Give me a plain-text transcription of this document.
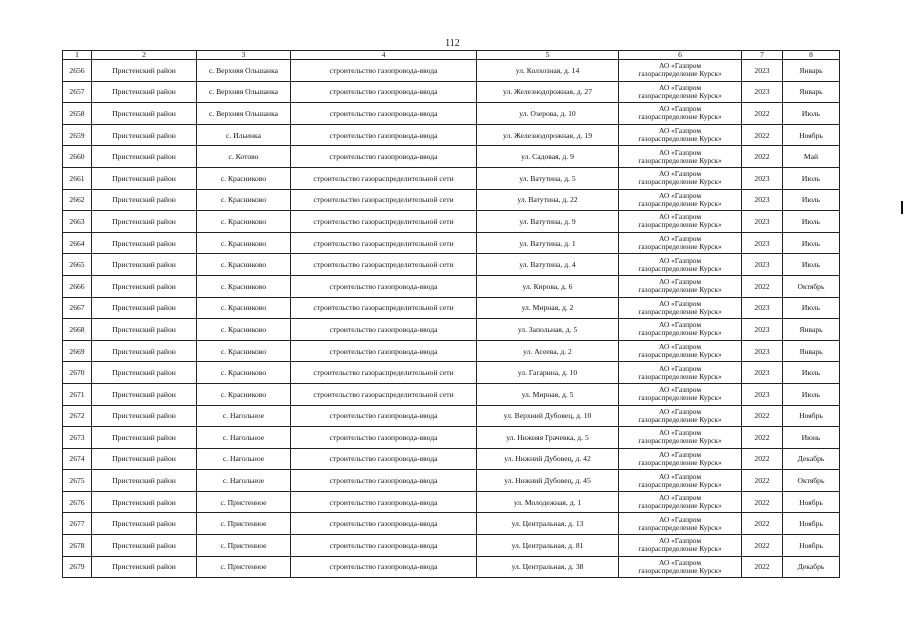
112
1	2	3	4	5	6	7	8
2656	Пристенский район	с. Верхняя Ольшанка	строительство газопровода-ввода	ул. Колхозная, д. 14	АО «Газпром
газораспределение Курск»	2023	Январь
2657	Пристенский район	с. Верхняя Ольшанка	строительство газопровода-ввода	ул. Железнодорожная, д. 27	АО «Газпром
газораспределение Курск»	2023	Январь
2658	Пристенский район	с. Верхняя Ольшанка	строительство газопровода-ввода	ул. Озерова, д. 10	АО «Газпром
газораспределение Курск»	2022	Июль
2659	Пристенский район	с. Ильинка	строительство газопровода-ввода	ул. Железнодорожная, д. 19	АО «Газпром
газораспределение Курск»	2022	Ноябрь
2660	Пристенский район	с. Котово	строительство газопровода-ввода	ул. Садовая, д. 9	АО «Газпром
газораспределение Курск»	2022	Май
2661	Пристенский район	с. Красниково	строительство газораспределительной сети	ул. Ватутина, д. 5	АО «Газпром
газораспределение Курск»	2023	Июль
2662	Пристенский район	с. Красниково	строительство газораспределительной сети	ул. Ватутина, д. 22	АО «Газпром
газораспределение Курск»	2023	Июль
2663	Пристенский район	с. Красниково	строительство газораспределительной сети	ул. Ватутина, д. 9	АО «Газпром
газораспределение Курск»	2023	Июль
2664	Пристенский район	с. Красниково	строительство газораспределительной сети	ул. Ватутина, д. 1	АО «Газпром
газораспределение Курск»	2023	Июль
2665	Пристенский район	с. Красниково	строительство газораспределительной сети	ул. Ватутина, д. 4	АО «Газпром
газораспределение Курск»	2023	Июль
2666	Пристенский район	с. Красниково	строительство газопровода-ввода	ул. Кирова, д. 6	АО «Газпром
газораспределение Курск»	2022	Октябрь
2667	Пристенский район	с. Красниково	строительство газораспределительной сети	ул. Мирная, д. 2	АО «Газпром
газораспределение Курск»	2023	Июль
2668	Пристенский район	с. Красниково	строительство газопровода-ввода	ул. Запольная, д. 5	АО «Газпром
газораспределение Курск»	2023	Январь
2669	Пристенский район	с. Красниково	строительство газопровода-ввода	ул. Асеева, д. 2	АО «Газпром
газораспределение Курск»	2023	Январь
2670	Пристенский район	с. Красниково	строительство газораспределительной сети	ул. Гагарина, д. 10	АО «Газпром
газораспределение Курск»	2023	Июль
2671	Пристенский район	с. Красниково	строительство газораспределительной сети	ул. Мирная, д. 5	АО «Газпром
газораспределение Курск»	2023	Июль
2672	Пристенский район	с. Нагольное	строительство газопровода-ввода	ул. Верхний Дубовец, д. 10	АО «Газпром
газораспределение Курск»	2022	Ноябрь
2673	Пристенский район	с. Нагольное	строительство газопровода-ввода	ул. Нижняя Грачевка, д. 5	АО «Газпром
газораспределение Курск»	2022	Июнь
2674	Пристенский район	с. Нагольное	строительство газопровода-ввода	ул. Нижний Дубовец, д. 42	АО «Газпром
газораспределение Курск»	2022	Декабрь
2675	Пристенский район	с. Нагольное	строительство газопровода-ввода	ул. Нижний Дубовец, д. 45	АО «Газпром
газораспределение Курск»	2022	Октябрь
2676	Пристенский район	с. Пристенное	строительство газопровода-ввода	ул. Молодежная, д. 1	АО «Газпром
газораспределение Курск»	2022	Ноябрь
2677	Пристенский район	с. Пристенное	строительство газопровода-ввода	ул. Центральная, д. 13	АО «Газпром
газораспределение Курск»	2022	Ноябрь
2678	Пристенский район	с. Пристенное	строительство газопровода-ввода	ул. Центральная, д. 81	АО «Газпром
газораспределение Курск»	2022	Ноябрь
2679	Пристенский район	с. Пристенное	строительство газопровода-ввода	ул. Центральная, д. 38	АО «Газпром
газораспределение Курск»	2022	Декабрь
